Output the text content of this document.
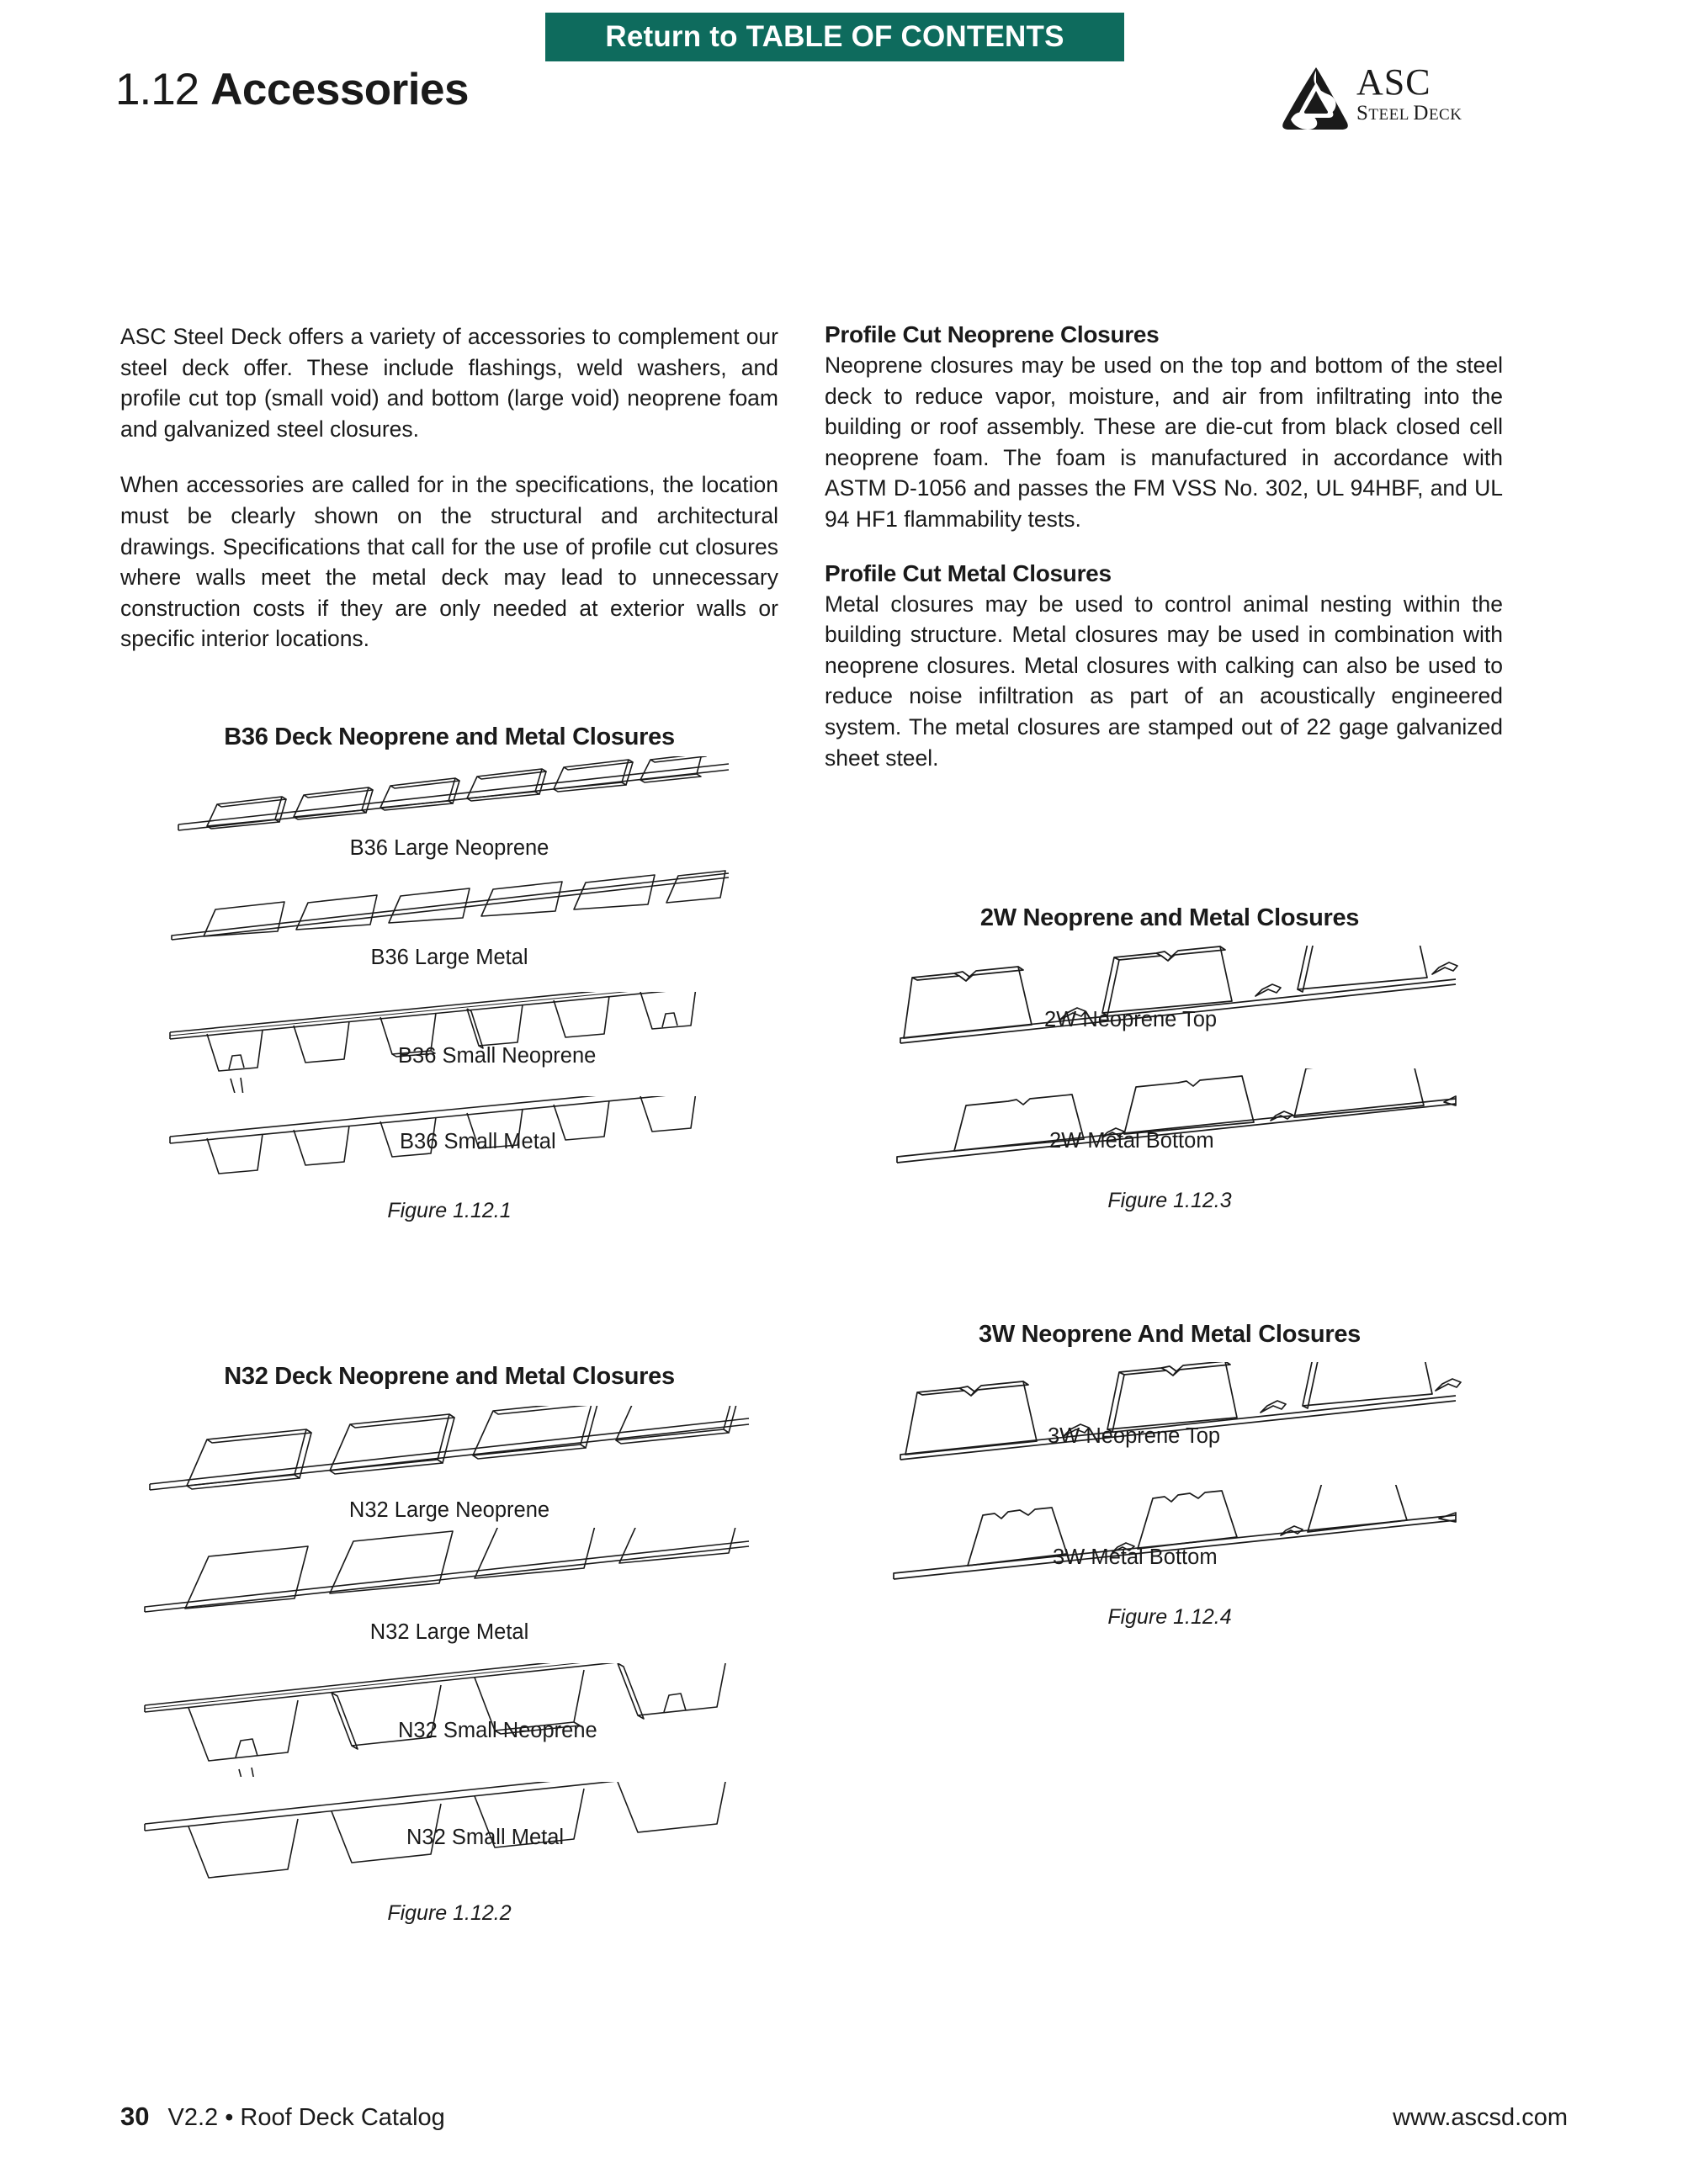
Return to TABLE OF CONTENTS
1.12 Accessories	ASC
STEEL DECK

ASC Steel Deck offers a variety of accessories to complement our steel deck offer. These include flashings, weld washers, and profile cut top (small void) and bottom (large void) neoprene foam and galvanized steel closures.

When accessories are called for in the specifications, the location must be clearly shown on the structural and architectural drawings. Specifications that call for the use of profile cut closures where walls meet the metal deck may lead to unnecessary construction costs if they are only needed at exterior walls or specific interior locations.

Profile Cut Neoprene Closures

Neoprene closures may be used on the top and bottom of the steel deck to reduce vapor, moisture, and air from infiltrating into the building or roof assembly. These are die-cut from black closed cell neoprene foam. The foam is manufactured in accordance with ASTM D-1056 and passes the FM VSS No. 302, UL 94HBF, and UL 94 HF1 flammability tests.

Profile Cut Metal Closures

Metal closures may be used to control animal nesting within the building structure. Metal closures may be used in combination with neoprene closures. Metal closures with calking can also be used to reduce noise infiltration as part of an acoustically engineered system. The metal closures are stamped out of 22 gage galvanized sheet steel.

B36 Deck Neoprene and Metal Closures
B36 Large Neoprene
B36 Large Metal
B36 Small Neoprene
B36 Small Metal
Figure 1.12.1
N32 Deck Neoprene and Metal Closures
N32 Large Neoprene
N32 Large Metal
N32 Small Neoprene
N32 Small Metal
Figure 1.12.2
2W Neoprene and Metal Closures
2W Neoprene Top
2W Metal Bottom
Figure 1.12.3
3W Neoprene And Metal Closures
3W Neoprene Top
3W Metal Bottom
Figure 1.12.4
30 V2.2 • Roof Deck Catalog	www.ascsd.com
